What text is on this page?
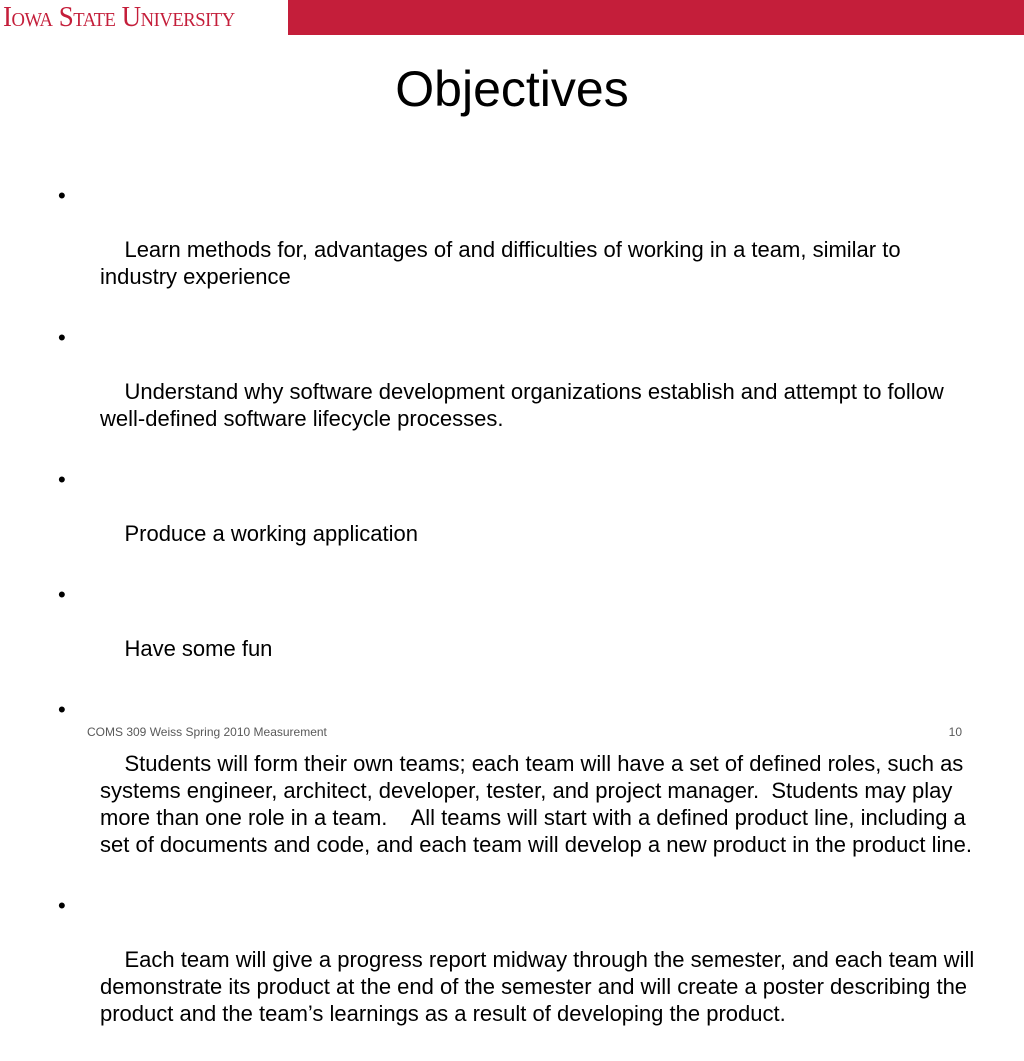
Iowa State University
Objectives

•

Learn methods for, advantages of and difficulties of working in a team, similar to industry experience

•

Understand why software development organizations establish and attempt to follow well-defined software lifecycle processes.

•

Produce a working application

•

Have some fun

•

Students will form their own teams; each team will have a set of defined roles, such as systems engineer, architect, developer, tester, and project manager.  Students may play more than one role in a team.    All teams will start with a defined product line, including a set of documents and code, and each team will develop a new product in the product line.

•

Each team will give a progress report midway through the semester, and each team will demonstrate its product at the end of the semester and will create a poster describing the product and the team’s learnings as a result of developing the product.

COMS 309 Weiss Spring 2010 Measurement	10
